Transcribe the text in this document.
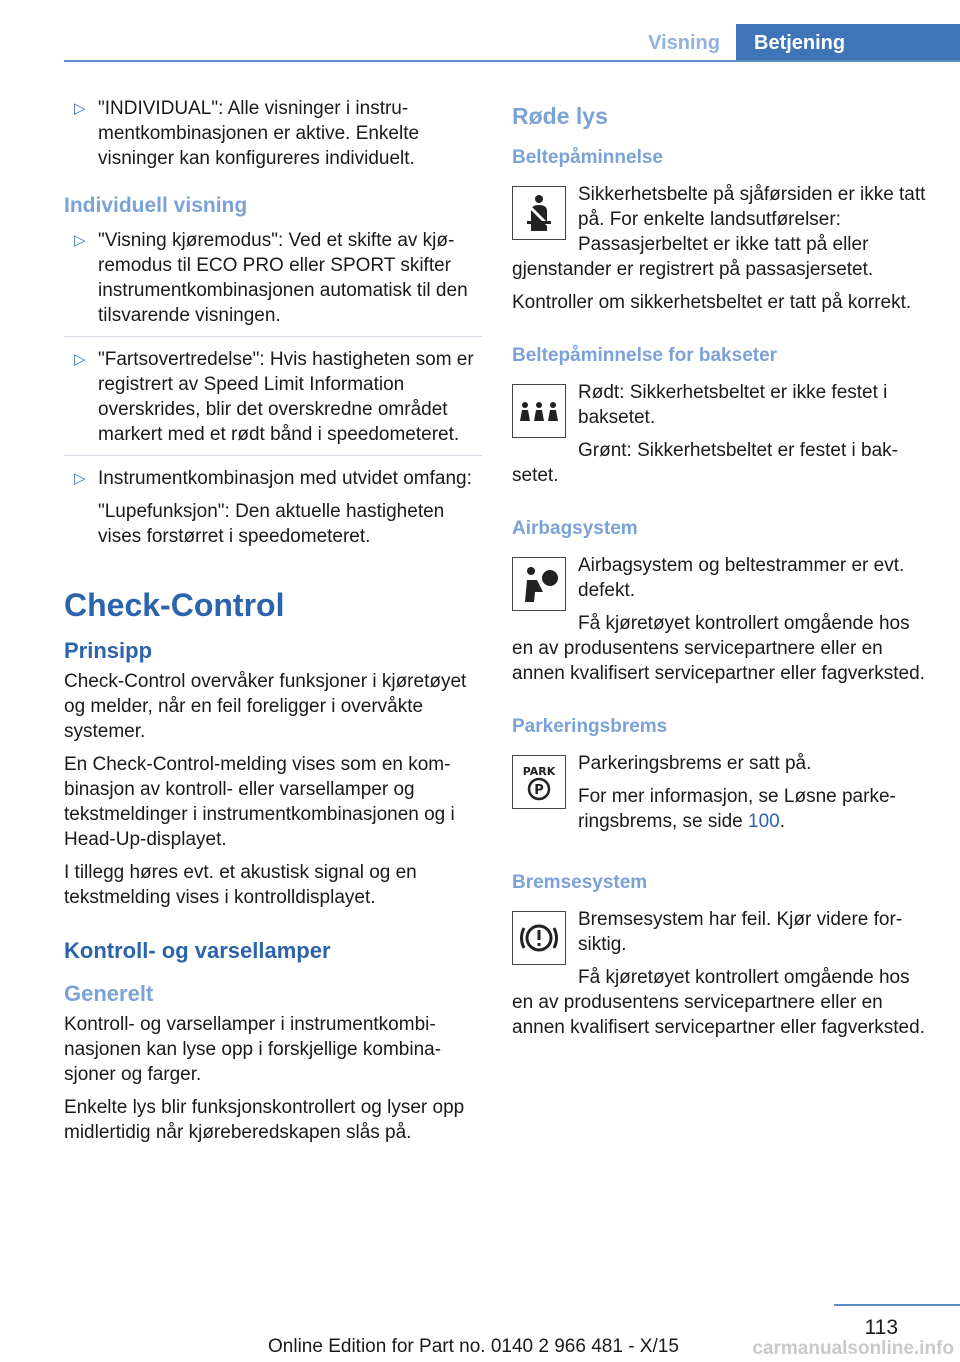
Visning	Betjening
▷ "INDIVIDUAL": Alle visninger i instrumentkombinasjonen er aktive. Enkelte visninger kan konfigureres individuelt.

Individuell visning
▷ "Visning kjøremodus": Ved et skifte av kjøremodus til ECO PRO eller SPORT skifter instrumentkombinasjonen automatisk til den tilsvarende visningen.

▷ "Fartsovertredelse": Hvis hastigheten som er registrert av Speed Limit Information overskrides, blir det overskredne området markert med et rødt bånd i speedometeret.

▷ Instrumentkombinasjon med utvidet omfang:

"Lupefunksjon": Den aktuelle hastigheten vises forstørret i speedometeret.

Check-Control
Prinsipp

Check-Control overvåker funksjoner i kjøretøyet og melder, når en feil foreligger i overvåkte systemer.

En Check-Control-melding vises som en kombinasjon av kontroll- eller varsellamper og tekstmeldinger i instrumentkombinasjonen og i Head-Up-displayet.

I tillegg høres evt. et akustisk signal og en tekstmelding vises i kontrolldisplayet.

Kontroll- og varsellamper
Generelt

Kontroll- og varsellamper i instrumentkombinasjonen kan lyse opp i forskjellige kombinasjoner og farger.

Enkelte lys blir funksjonskontrollert og lyser opp midlertidig når kjøreberedskapen slås på.

Røde lys
Beltepåminnelse

Sikkerhetsbelte på sjåførsiden er ikke tatt på. For enkelte landsutførelser: Passasjerbeltet er ikke tatt på eller gjenstander er registrert på passasjersetet.

Kontroller om sikkerhetsbeltet er tatt på korrekt.

Beltepåminnelse for bakseter

Rødt: Sikkerhetsbeltet er ikke festet i baksetet.

Grønt: Sikkerhetsbeltet er festet i baksetet.

Airbagsystem

Airbagsystem og beltestrammer er evt. defekt.

Få kjøretøyet kontrollert omgående hos en av produsentens servicepartnere eller en annen kvalifisert servicepartner eller fagverksted.

Parkeringsbrems
PARK
P

Parkeringsbrems er satt på.

For mer informasjon, se Løsne parkeringsbrems, se side 100.

Bremsesystem

Bremsesystem har feil. Kjør videre forsiktig.

Få kjøretøyet kontrollert omgående hos en av produsentens servicepartnere eller en annen kvalifisert servicepartner eller fagverksted.

113
Online Edition for Part no. 0140 2 966 481 - X/15	carmanualsonline.info
